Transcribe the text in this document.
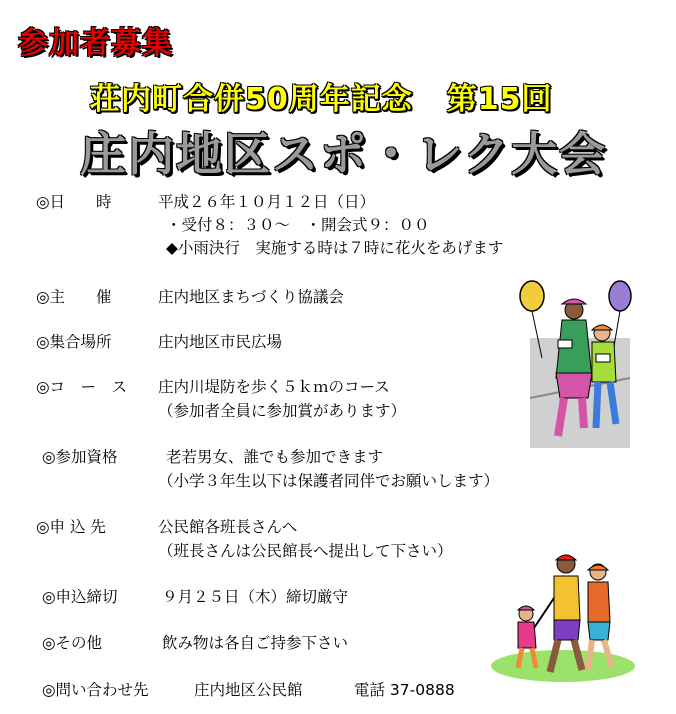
参加者募集
荘内町合併50周年記念 第15回
庄内地区スポ・レク大会
◎日　　時	平成２６年１０月１２日（日）
・受付８：３０～　・開会式９：００
◆小雨決行　実施する時は７時に花火をあげます
◎主　　催	庄内地区まちづくり協議会
◎集合場所	庄内地区市民広場
◎コ　ー　ス 庄内川堤防を歩く５ｋｍのコース
（参加者全員に参加賞があります）
◎参加資格	老若男女、誰でも参加できます
（小学３年生以下は保護者同伴でお願いします）
◎申 込 先	公民館各班長さんへ
（班長さんは公民館長へ提出して下さい）
◎申込締切	９月２５日（木）締切厳守
◎その他	飲み物は各自ご持参下さい
◎問い合わせ先	庄内地区公民館	電話 37-0888
